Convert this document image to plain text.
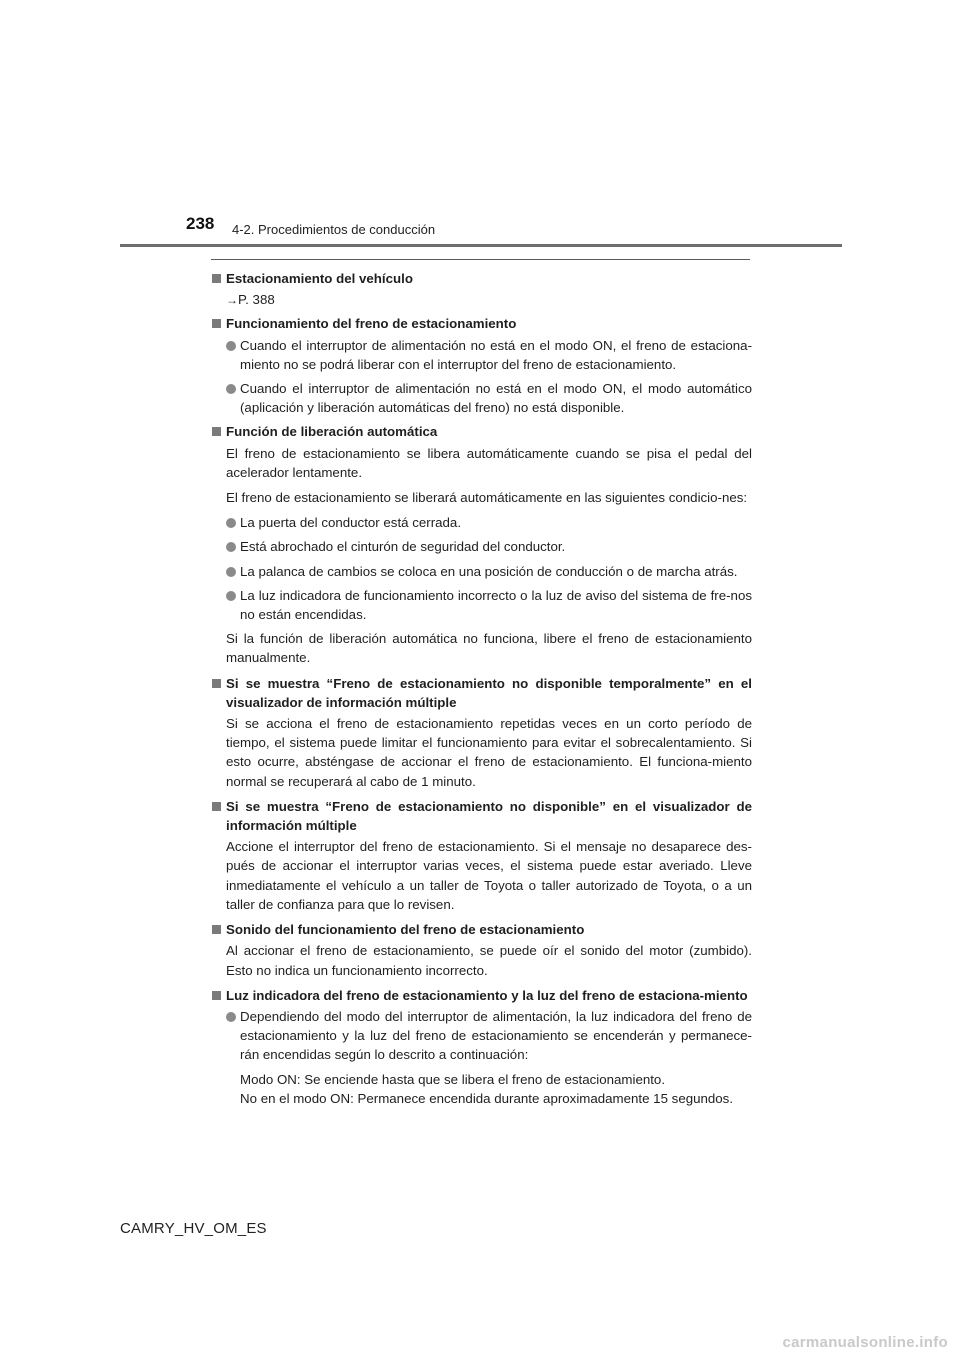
238 4-2. Procedimientos de conducción
Estacionamiento del vehículo
→P. 388
Funcionamiento del freno de estacionamiento
Cuando el interruptor de alimentación no está en el modo ON, el freno de estaciona-miento no se podrá liberar con el interruptor del freno de estacionamiento.
Cuando el interruptor de alimentación no está en el modo ON, el modo automático (aplicación y liberación automáticas del freno) no está disponible.
Función de liberación automática
El freno de estacionamiento se libera automáticamente cuando se pisa el pedal del acelerador lentamente.
El freno de estacionamiento se liberará automáticamente en las siguientes condicio-nes:
La puerta del conductor está cerrada.
Está abrochado el cinturón de seguridad del conductor.
La palanca de cambios se coloca en una posición de conducción o de marcha atrás.
La luz indicadora de funcionamiento incorrecto o la luz de aviso del sistema de fre-nos no están encendidas.
Si la función de liberación automática no funciona, libere el freno de estacionamiento manualmente.
Si se muestra “Freno de estacionamiento no disponible temporalmente” en el visualizador de información múltiple
Si se acciona el freno de estacionamiento repetidas veces en un corto período de tiempo, el sistema puede limitar el funcionamiento para evitar el sobrecalentamiento. Si esto ocurre, absténgase de accionar el freno de estacionamiento. El funciona-miento normal se recuperará al cabo de 1 minuto.
Si se muestra “Freno de estacionamiento no disponible” en el visualizador de información múltiple
Accione el interruptor del freno de estacionamiento. Si el mensaje no desaparece des-pués de accionar el interruptor varias veces, el sistema puede estar averiado. Lleve inmediatamente el vehículo a un taller de Toyota o taller autorizado de Toyota, o a un taller de confianza para que lo revisen.
Sonido del funcionamiento del freno de estacionamiento
Al accionar el freno de estacionamiento, se puede oír el sonido del motor (zumbido). Esto no indica un funcionamiento incorrecto.
Luz indicadora del freno de estacionamiento y la luz del freno de estaciona-miento
Dependiendo del modo del interruptor de alimentación, la luz indicadora del freno de estacionamiento y la luz del freno de estacionamiento se encenderán y permanece-rán encendidas según lo descrito a continuación:
Modo ON: Se enciende hasta que se libera el freno de estacionamiento.
No en el modo ON: Permanece encendida durante aproximadamente 15 segundos.
CAMRY_HV_OM_ES
carmanualsonline.info
